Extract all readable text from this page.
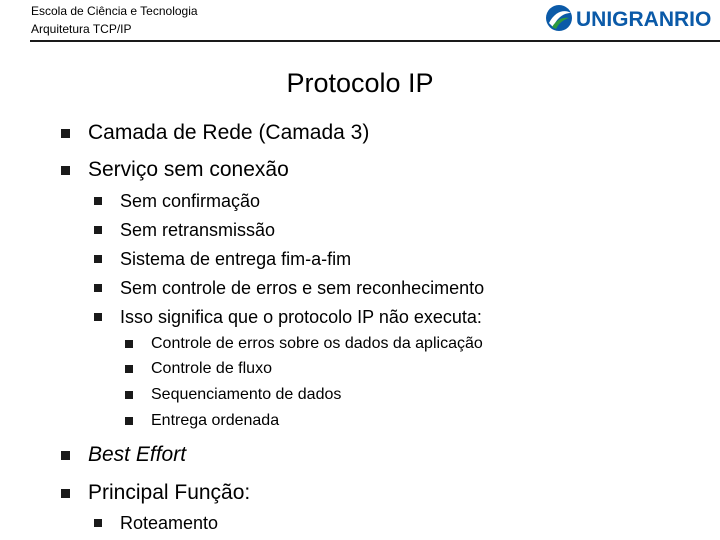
Escola de Ciência e Tecnologia
Arquitetura TCP/IP	UNIGRANRIO
Protocolo IP
Camada de Rede (Camada 3)
Serviço sem conexão
Sem confirmação
Sem retransmissão
Sistema de entrega fim-a-fim
Sem controle de erros e sem reconhecimento
Isso significa que o protocolo IP não executa:
Controle de erros sobre os dados da aplicação
Controle de fluxo
Sequenciamento de dados
Entrega ordenada
Best Effort
Principal Função:
Roteamento
